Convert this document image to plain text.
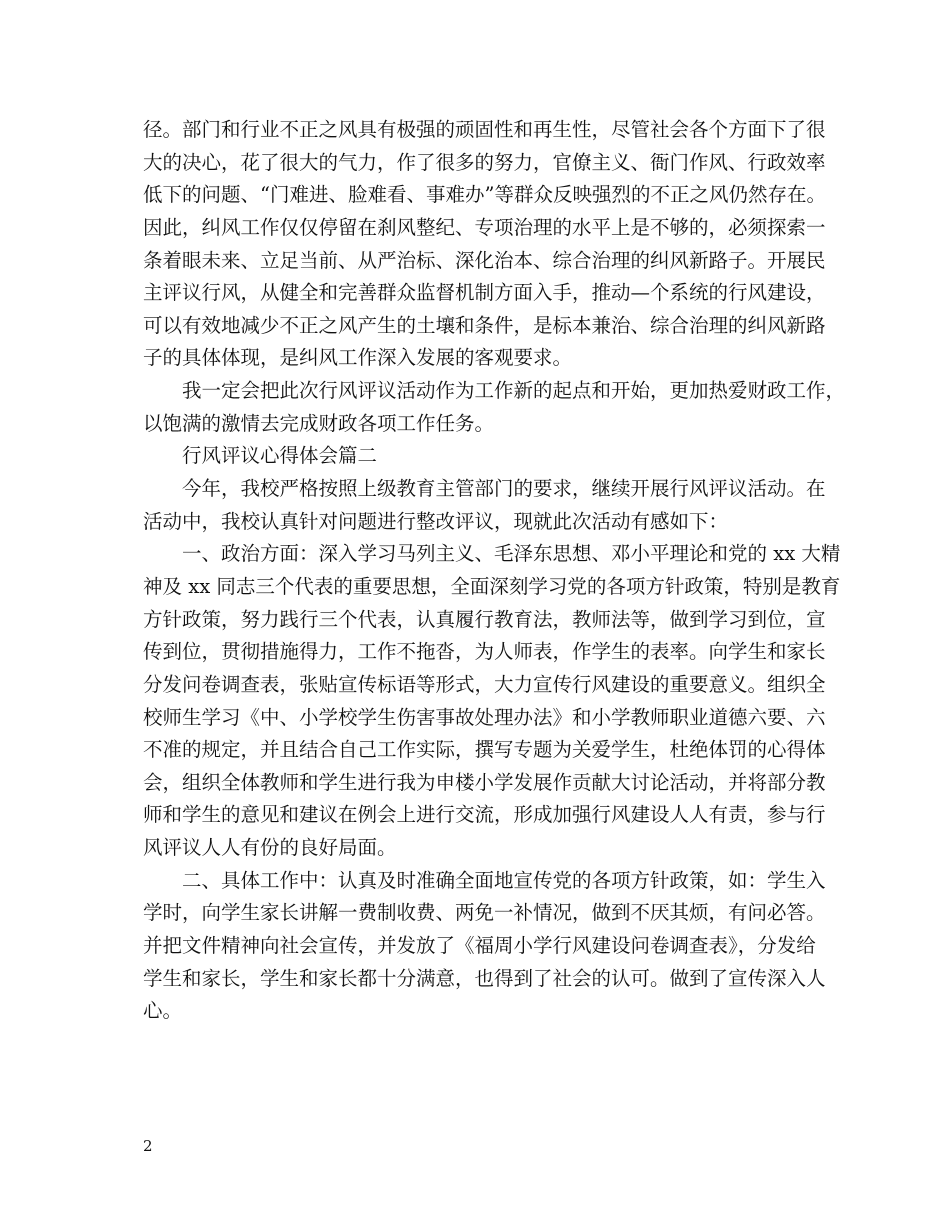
径。部门和行业不正之风具有极强的顽固性和再生性，尽管社会各个方面下了很
大的决心，花了很大的气力，作了很多的努力，官僚主义、衙门作风、行政效率
低下的问题、“门难进、脸难看、事难办”等群众反映强烈的不正之风仍然存在。
因此，纠风工作仅仅停留在刹风整纪、专项治理的水平上是不够的，必须探索一
条着眼未来、立足当前、从严治标、深化治本、综合治理的纠风新路子。开展民
主评议行风，从健全和完善群众监督机制方面入手，推动—个系统的行风建设，
可以有效地减少不正之风产生的土壤和条件，是标本兼治、综合治理的纠风新路
子的具体体现，是纠风工作深入发展的客观要求。
我一定会把此次行风评议活动作为工作新的起点和开始，更加热爱财政工作，
以饱满的激情去完成财政各项工作任务。
行风评议心得体会篇二
今年，我校严格按照上级教育主管部门的要求，继续开展行风评议活动。在
活动中，我校认真针对问题进行整改评议，现就此次活动有感如下：
一、政治方面：深入学习马列主义、毛泽东思想、邓小平理论和党的 xx 大精
神及 xx 同志三个代表的重要思想，全面深刻学习党的各项方针政策，特别是教育
方针政策，努力践行三个代表，认真履行教育法，教师法等，做到学习到位，宣
传到位，贯彻措施得力，工作不拖沓，为人师表，作学生的表率。向学生和家长
分发问卷调查表，张贴宣传标语等形式，大力宣传行风建设的重要意义。组织全
校师生学习《中、小学校学生伤害事故处理办法》和小学教师职业道德六要、六
不准的规定，并且结合自己工作实际，撰写专题为关爱学生，杜绝体罚的心得体
会，组织全体教师和学生进行我为申楼小学发展作贡献大讨论活动，并将部分教
师和学生的意见和建议在例会上进行交流，形成加强行风建设人人有责，参与行
风评议人人有份的良好局面。
二、具体工作中：认真及时准确全面地宣传党的各项方针政策，如：学生入
学时，向学生家长讲解一费制收费、两免一补情况，做到不厌其烦，有问必答。
并把文件精神向社会宣传，并发放了《福周小学行风建设问卷调查表》，分发给
学生和家长，学生和家长都十分满意，也得到了社会的认可。做到了宣传深入人
心。
2
